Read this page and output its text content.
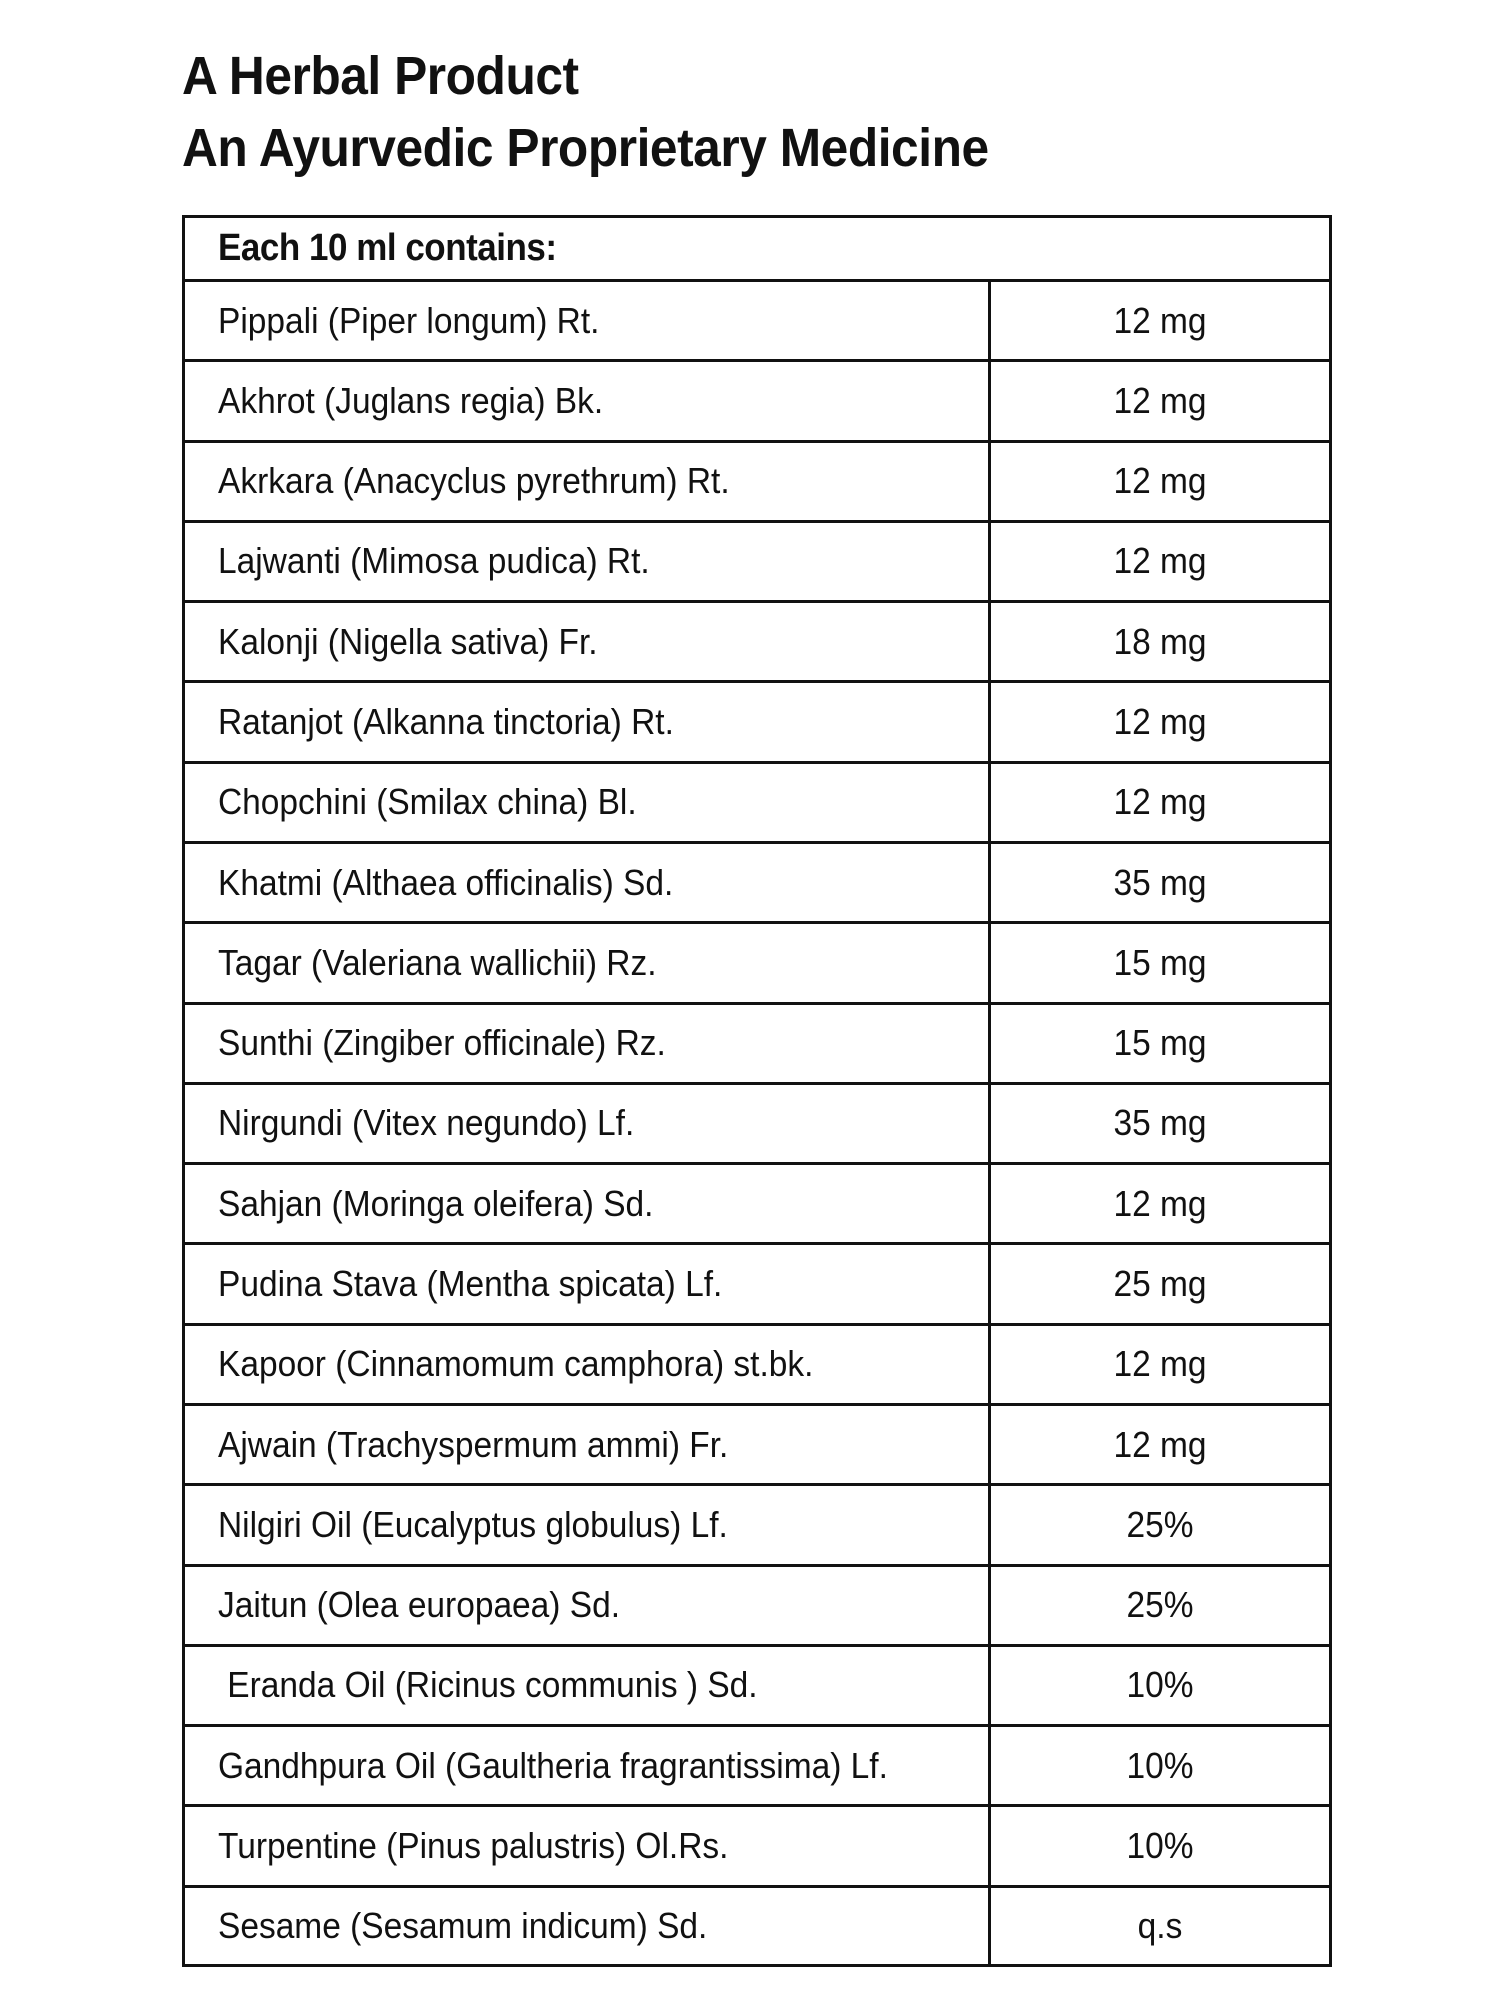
A Herbal Product
An Ayurvedic Proprietary Medicine
Each 10 ml contains:	
Pippali (Piper longum) Rt.	12 mg
Akhrot (Juglans regia) Bk.	12 mg
Akrkara (Anacyclus pyrethrum) Rt.	12 mg
Lajwanti (Mimosa pudica) Rt.	12 mg
Kalonji (Nigella sativa) Fr.	18 mg
Ratanjot (Alkanna tinctoria) Rt.	12 mg
Chopchini (Smilax china) Bl.	12 mg
Khatmi (Althaea officinalis) Sd.	35 mg
Tagar (Valeriana wallichii) Rz.	15 mg
Sunthi (Zingiber officinale) Rz.	15 mg
Nirgundi (Vitex negundo) Lf.	35 mg
Sahjan (Moringa oleifera) Sd.	12 mg
Pudina Stava (Mentha spicata) Lf.	25 mg
Kapoor (Cinnamomum camphora) st.bk.	12 mg
Ajwain (Trachyspermum ammi) Fr.	12 mg
Nilgiri Oil (Eucalyptus globulus) Lf.	25%
Jaitun (Olea europaea) Sd.	25%
Eranda Oil (Ricinus communis ) Sd.	10%
Gandhpura Oil (Gaultheria fragrantissima) Lf.	10%
Turpentine (Pinus palustris) Ol.Rs.	10%
Sesame (Sesamum indicum) Sd.	q.s
